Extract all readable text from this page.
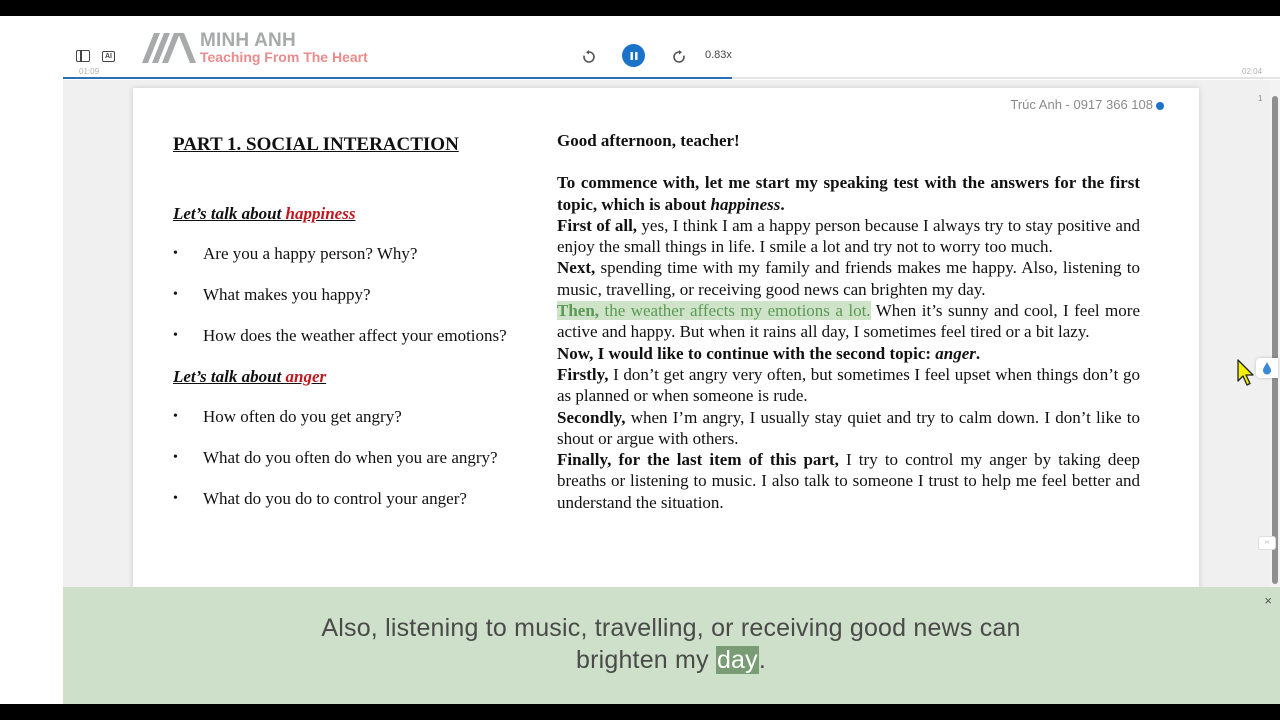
AI
MINH ANH
Teaching From The Heart	0.83x
01:09	02:04
Trúc Anh - 0917 366 108
PART 1. SOCIAL INTERACTION
Let’s talk about happiness
•	Are you a happy person? Why?
•	What makes you happy?
•	How does the weather affect your emotions?
Let’s talk about anger
•	How often do you get angry?
•	What do you often do when you are angry?
•	What do you do to control your anger?

Good afternoon, teacher!

To commence with, let me start my speaking test with the answers for the first topic, which is about happiness.

First of all, yes, I think I am a happy person because I always try to stay positive and enjoy the small things in life. I smile a lot and try not to worry too much.

Next, spending time with my family and friends makes me happy. Also, listening to music, travelling, or receiving good news can brighten my day.

Then, the weather affects my emotions a lot. When it’s sunny and cool, I feel more active and happy. But when it rains all day, I sometimes feel tired or a bit lazy.

Now, I would like to continue with the second topic: anger.

Firstly, I don’t get angry very often, but sometimes I feel upset when things don’t go as planned or when someone is rude.

Secondly, when I’m angry, I usually stay quiet and try to calm down. I don’t like to shout or argue with others.

Finally, for the last item of this part, I try to control my anger by taking deep breaths or listening to music. I also talk to someone I trust to help me feel better and understand the situation.

1
›‹
×
Also, listening to music, travelling, or receiving good news can
brighten my day.
